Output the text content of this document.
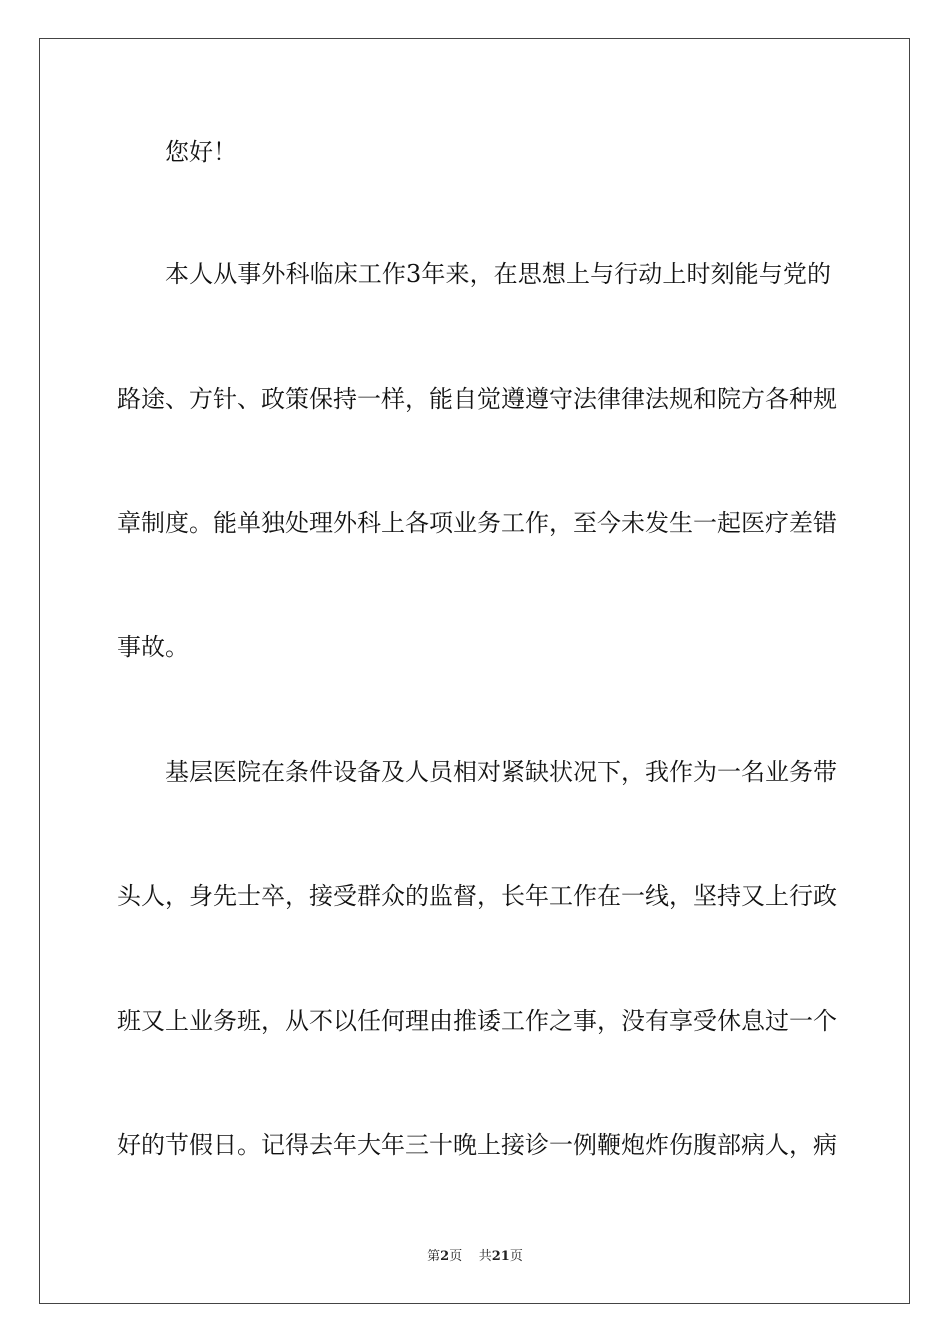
您好！
本人从事外科临床工作3年来，在思想上与行动上时刻能与党的
路途、方针、政策保持一样，能自觉遵遵守法律律法规和院方各种规
章制度。能单独处理外科上各项业务工作，至今未发生一起医疗差错
事故。
基层医院在条件设备及人员相对紧缺状况下，我作为一名业务带
头人，身先士卒，接受群众的监督，长年工作在一线，坚持又上行政
班又上业务班，从不以任何理由推诿工作之事，没有享受休息过一个
好的节假日。记得去年大年三十晚上接诊一例鞭炮炸伤腹部病人，病
第2页 共21页
